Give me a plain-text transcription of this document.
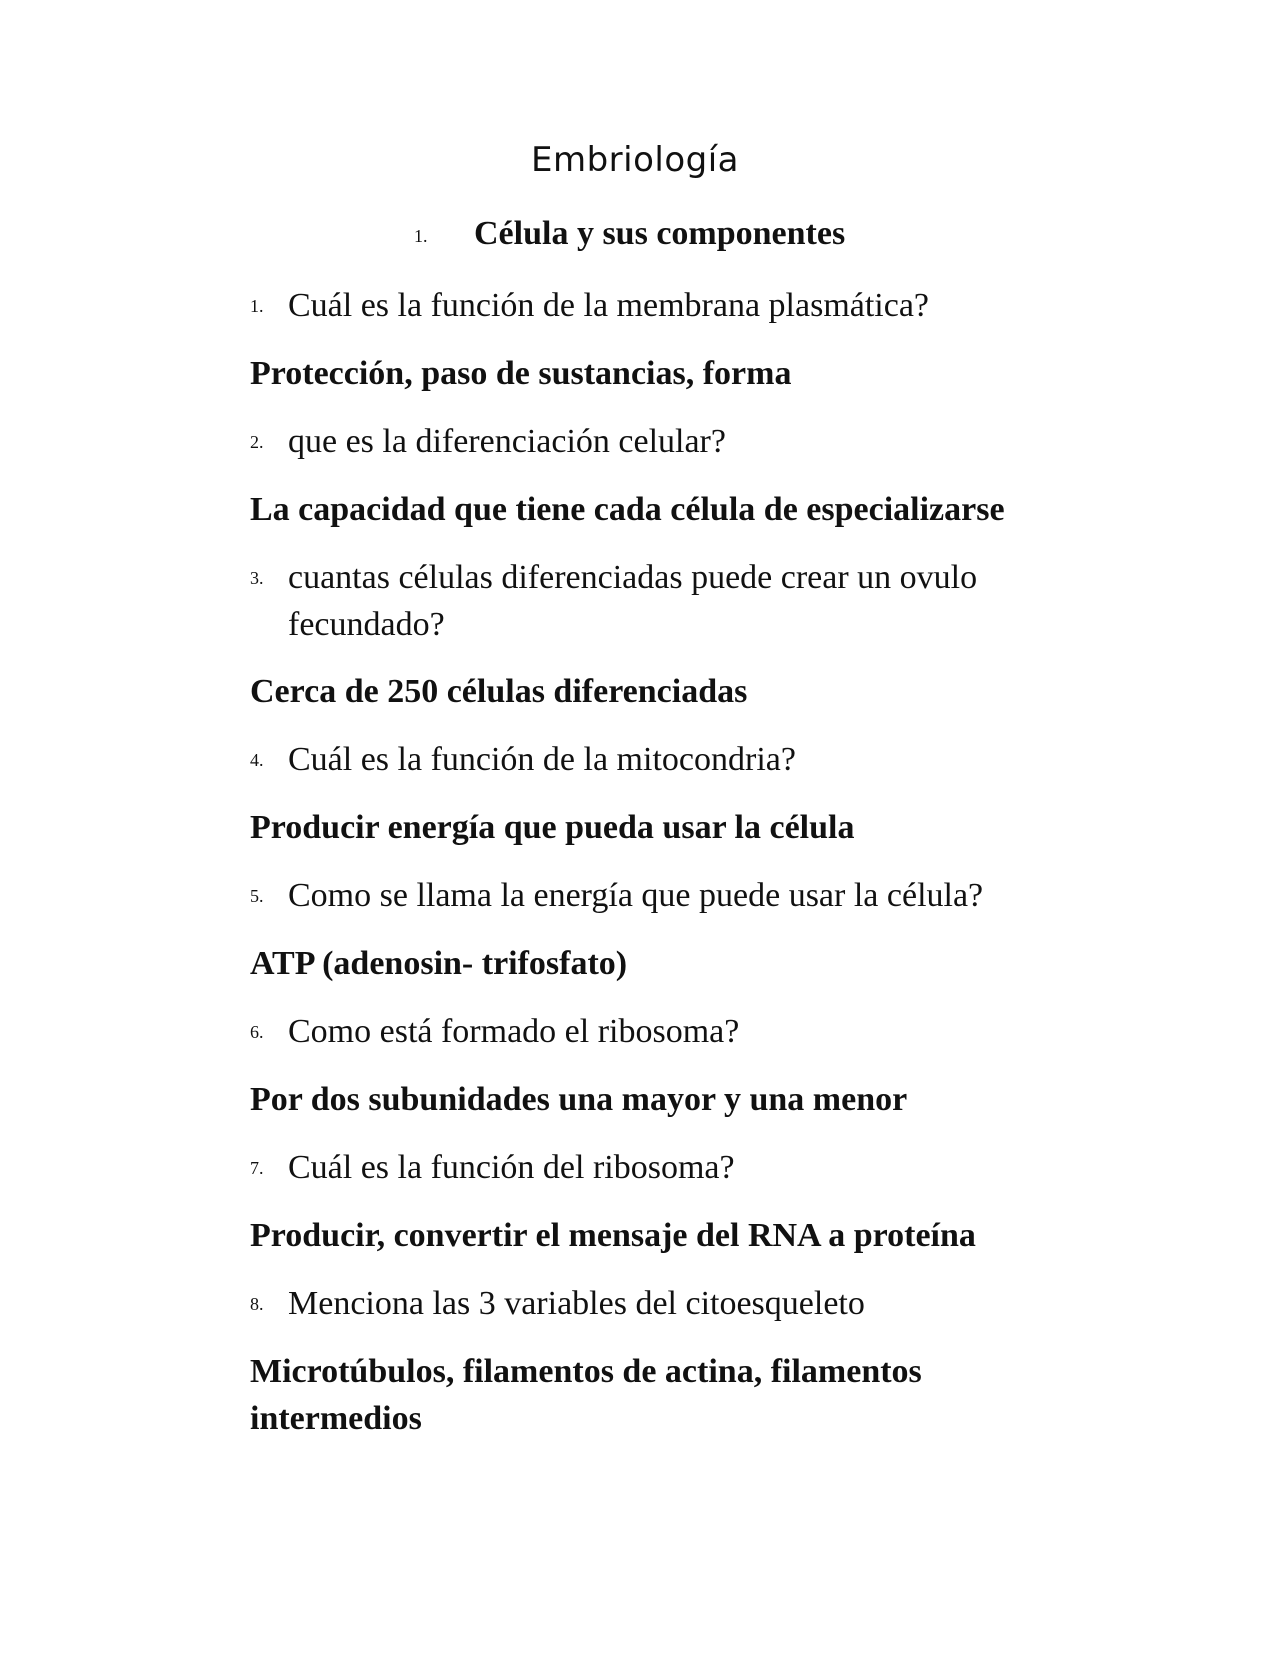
Embriología
1. Célula y sus componentes
1. Cuál es la función de la membrana plasmática?
Protección, paso de sustancias, forma
2. que es la diferenciación celular?
La capacidad que tiene cada célula de especializarse
3. cuantas células diferenciadas puede crear un ovulo fecundado?
Cerca de 250 células diferenciadas
4. Cuál es la función de la mitocondria?
Producir energía que pueda usar la célula
5. Como se llama la energía que puede usar la célula?
ATP (adenosin- trifosfato)
6. Como está formado el ribosoma?
Por dos subunidades una mayor y una menor
7. Cuál es la función del ribosoma?
Producir, convertir el mensaje del RNA a proteína
8. Menciona las 3 variables del citoesqueleto
Microtúbulos, filamentos de actina, filamentos intermedios
